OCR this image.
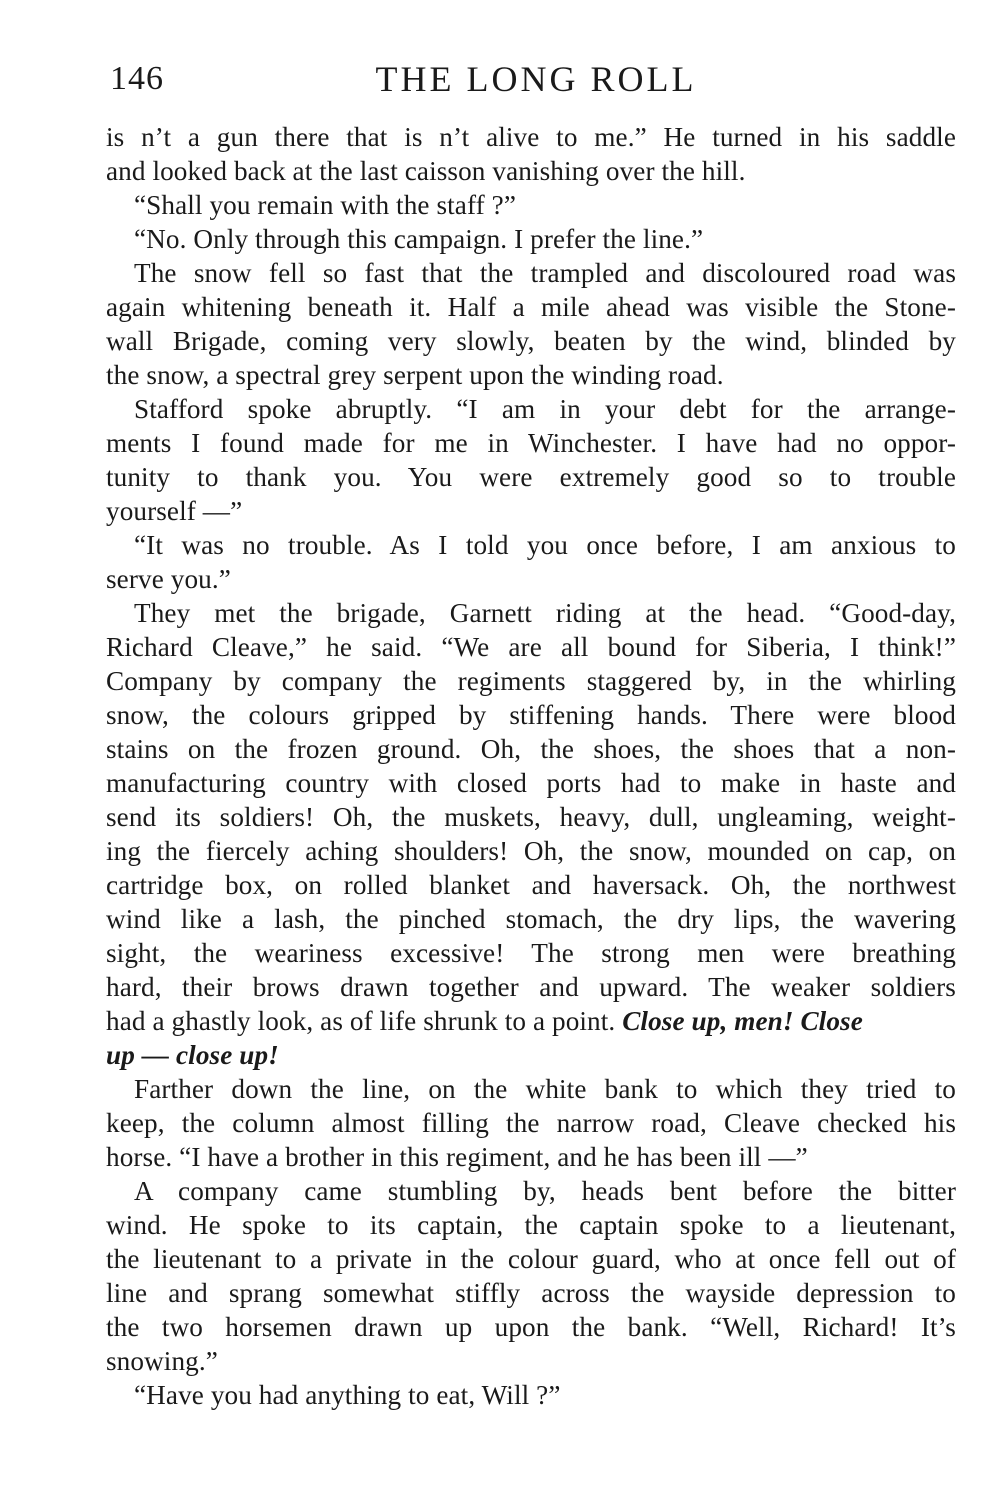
146	THE LONG ROLL
is n’t a gun there that is n’t alive to me.” He turned in his saddle
and looked back at the last caisson vanishing over the hill.
“Shall you remain with the staff ?”
“No. Only through this campaign. I prefer the line.”
The snow fell so fast that the trampled and discoloured road was
again whitening beneath it. Half a mile ahead was visible the Stone-
wall Brigade, coming very slowly, beaten by the wind, blinded by
the snow, a spectral grey serpent upon the winding road.
Stafford spoke abruptly. “I am in your debt for the arrange-
ments I found made for me in Winchester. I have had no oppor-
tunity to thank you. You were extremely good so to trouble
yourself —”
“It was no trouble. As I told you once before, I am anxious to
serve you.”
They met the brigade, Garnett riding at the head. “Good-day,
Richard Cleave,” he said. “We are all bound for Siberia, I think!”
Company by company the regiments staggered by, in the whirling
snow, the colours gripped by stiffening hands. There were blood
stains on the frozen ground. Oh, the shoes, the shoes that a non-
manufacturing country with closed ports had to make in haste and
send its soldiers! Oh, the muskets, heavy, dull, ungleaming, weight-
ing the fiercely aching shoulders! Oh, the snow, mounded on cap, on
cartridge box, on rolled blanket and haversack. Oh, the northwest
wind like a lash, the pinched stomach, the dry lips, the wavering
sight, the weariness excessive! The strong men were breathing
hard, their brows drawn together and upward. The weaker soldiers
had a ghastly look, as of life shrunk to a point. Close up, men! Close
up — close up!
Farther down the line, on the white bank to which they tried to
keep, the column almost filling the narrow road, Cleave checked his
horse. “I have a brother in this regiment, and he has been ill —”
A company came stumbling by, heads bent before the bitter
wind. He spoke to its captain, the captain spoke to a lieutenant,
the lieutenant to a private in the colour guard, who at once fell out of
line and sprang somewhat stiffly across the wayside depression to
the two horsemen drawn up upon the bank. “Well, Richard! It’s
snowing.”
“Have you had anything to eat, Will ?”
